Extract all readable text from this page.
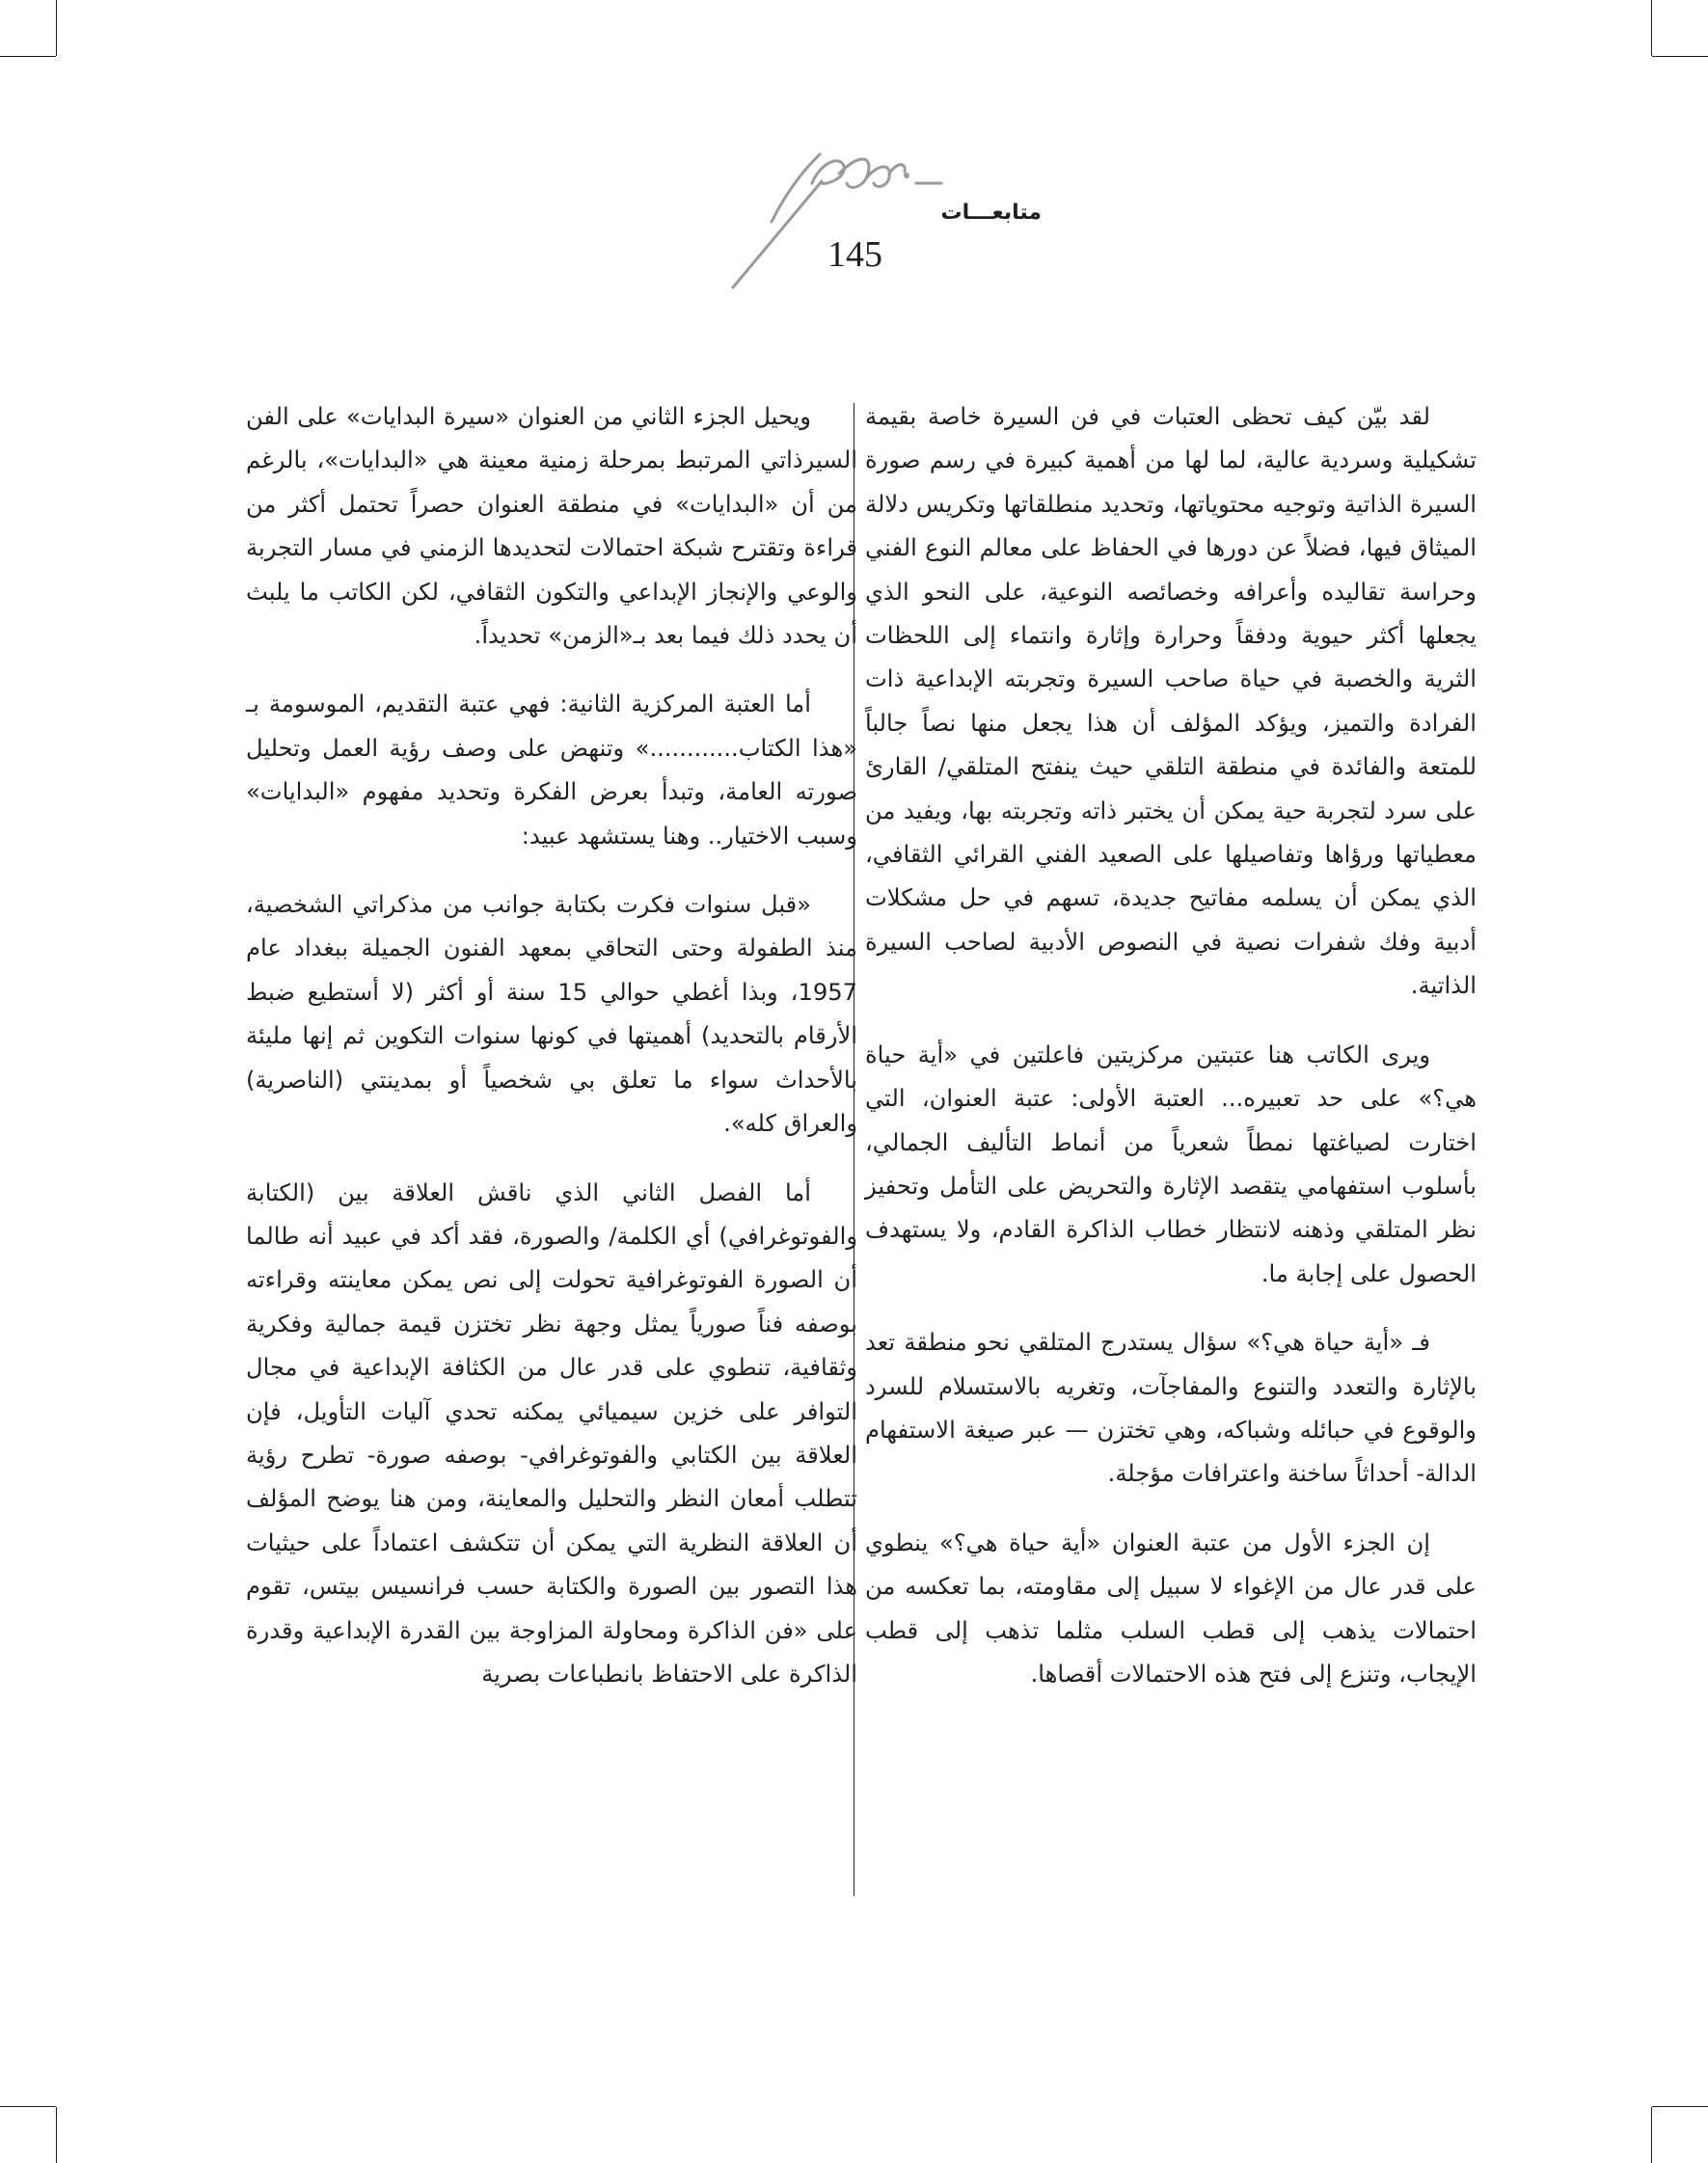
متابعـــات
145

لقد بيّن كيف تحظى العتبات في فن السيرة خاصة بقيمة تشكيلية وسردية عالية، لما لها من أهمية كبيرة في رسم صورة السيرة الذاتية وتوجيه محتوياتها، وتحديد منطلقاتها وتكريس دلالة الميثاق فيها، فضلاً عن دورها في الحفاظ على معالم النوع الفني وحراسة تقاليده وأعرافه وخصائصه النوعية، على النحو الذي يجعلها أكثر حيوية ودفقاً وحرارة وإثارة وانتماء إلى اللحظات الثرية والخصبة في حياة صاحب السيرة وتجربته الإبداعية ذات الفرادة والتميز، ويؤكد المؤلف أن هذا يجعل منها نصاً جالباً للمتعة والفائدة في منطقة التلقي حيث ينفتح المتلقي/ القارئ على سرد لتجربة حية يمكن أن يختبر ذاته وتجربته بها، ويفيد من معطياتها ورؤاها وتفاصيلها على الصعيد الفني القرائي الثقافي، الذي يمكن أن يسلمه مفاتيح جديدة، تسهم في حل مشكلات أدبية وفك شفرات نصية في النصوص الأدبية لصاحب السيرة الذاتية.

ويرى الكاتب هنا عتبتين مركزيتين فاعلتين في «أية حياة هي؟» على حد تعبيره... العتبة الأولى: عتبة العنوان، التي اختارت لصياغتها نمطاً شعرياً من أنماط التأليف الجمالي، بأسلوب استفهامي يتقصد الإثارة والتحريض على التأمل وتحفيز نظر المتلقي وذهنه لانتظار خطاب الذاكرة القادم، ولا يستهدف الحصول على إجابة ما.

فـ «أية حياة هي؟» سؤال يستدرج المتلقي نحو منطقة تعد بالإثارة والتعدد والتنوع والمفاجآت، وتغريه بالاستسلام للسرد والوقوع في حبائله وشباكه، وهي تختزن — عبر صيغة الاستفهام الدالة- أحداثاً ساخنة واعترافات مؤجلة.

إن الجزء الأول من عتبة العنوان «أية حياة هي؟» ينطوي على قدر عال من الإغواء لا سبيل إلى مقاومته، بما تعكسه من احتمالات يذهب إلى قطب السلب مثلما تذهب إلى قطب الإيجاب، وتنزع إلى فتح هذه الاحتمالات أقصاها.

ويحيل الجزء الثاني من العنوان «سيرة البدايات» على الفن السيرذاتي المرتبط بمرحلة زمنية معينة هي «البدايات»، بالرغم من أن «البدايات» في منطقة العنوان حصراً تحتمل أكثر من قراءة وتقترح شبكة احتمالات لتحديدها الزمني في مسار التجربة والوعي والإنجاز الإبداعي والتكون الثقافي، لكن الكاتب ما يلبث أن يحدد ذلك فيما بعد بـ«الزمن» تحديداً.

أما العتبة المركزية الثانية: فهي عتبة التقديم، الموسومة بـ «هذا الكتاب............» وتنهض على وصف رؤية العمل وتحليل صورته العامة، وتبدأ بعرض الفكرة وتحديد مفهوم «البدايات» وسبب الاختيار.. وهنا يستشهد عبيد:

«قبل سنوات فكرت بكتابة جوانب من مذكراتي الشخصية، منذ الطفولة وحتى التحاقي بمعهد الفنون الجميلة ببغداد عام 1957، وبذا أغطي حوالي 15 سنة أو أكثر (لا أستطيع ضبط الأرقام بالتحديد) أهميتها في كونها سنوات التكوين ثم إنها مليئة بالأحداث سواء ما تعلق بي شخصياً أو بمدينتي (الناصرية) والعراق كله».

أما الفصل الثاني الذي ناقش العلاقة بين (الكتابة والفوتوغرافي) أي الكلمة/ والصورة، فقد أكد في عبيد أنه طالما أن الصورة الفوتوغرافية تحولت إلى نص يمكن معاينته وقراءته بوصفه فناً صورياً يمثل وجهة نظر تختزن قيمة جمالية وفكرية وثقافية، تنطوي على قدر عال من الكثافة الإبداعية في مجال التوافر على خزين سيميائي يمكنه تحدي آليات التأويل، فإن العلاقة بين الكتابي والفوتوغرافي- بوصفه صورة- تطرح رؤية تتطلب أمعان النظر والتحليل والمعاينة، ومن هنا يوضح المؤلف أن العلاقة النظرية التي يمكن أن تتكشف اعتماداً على حيثيات هذا التصور بين الصورة والكتابة حسب فرانسيس بيتس، تقوم على «فن الذاكرة ومحاولة المزاوجة بين القدرة الإبداعية وقدرة الذاكرة على الاحتفاظ بانطباعات بصرية
